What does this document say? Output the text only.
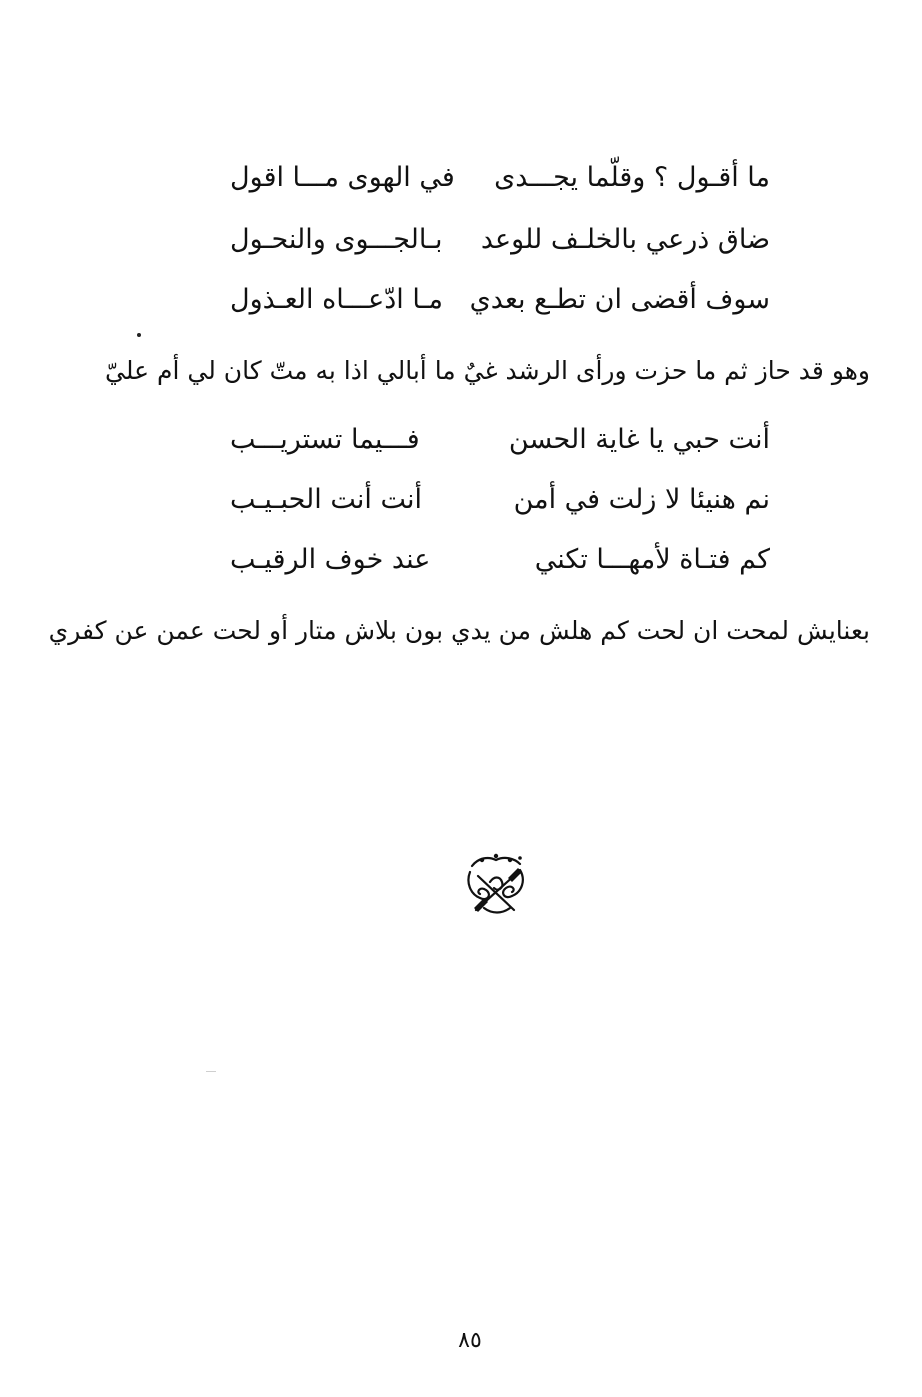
ما أقـول ؟ وقلّما يجـــدى
في الهوى مـــا اقول
ضاق ذرعي بالخلـف للوعد
بـالجـــوى والنحـول
سوف أقضى ان تطـع بعدي
مـا ادّعـــاه العـذول
وهو قد حاز ثم ما حزت ورأى الرشد غيٌ ما أبالي اذا به متّ كان لي أم عليّ
أنت حبي يا غاية الحسن
فـــيما تستريـــب
نم هنيئا لا زلت في أمن
أنت أنت الحبـيـب
كم فتـاة لأمهـــا تكني
عند خوف الرقيـب
بعنايش لمحت ان لحت كم هلش من يدي بون بلاش متار أو لحت عمن عن كفري
٨٥
